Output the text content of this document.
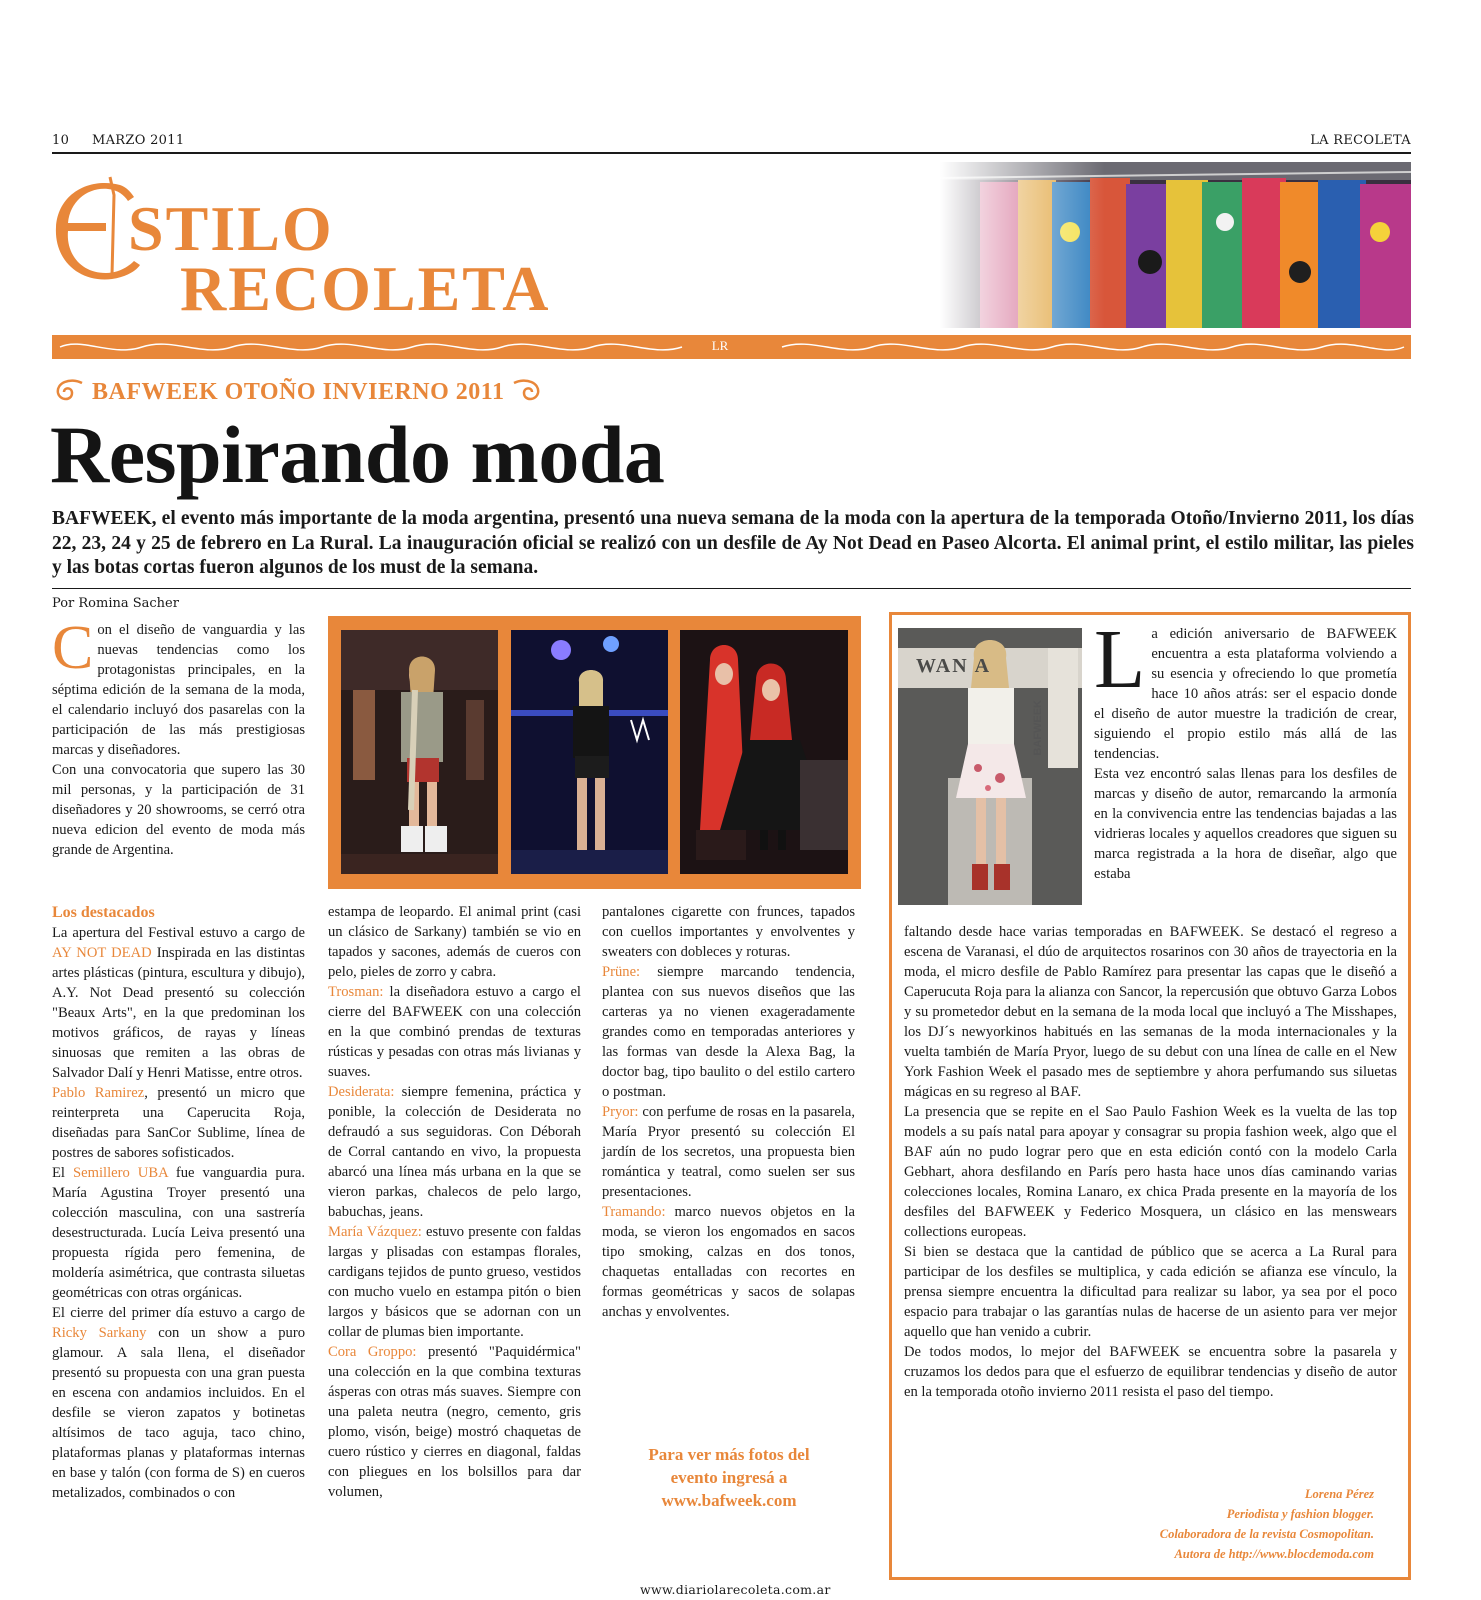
10 MARZO 2011	LA RECOLETA
STILO
RECOLETA
LR
BAFWEEK OTOÑO INVIERNO 2011
Respirando moda
BAFWEEK, el evento más importante de la moda argentina, presentó una nueva semana de la moda con la apertura de la temporada Otoño/Invierno 2011, los días 22, 23, 24 y 25 de febrero en La Rural. La inauguración oficial se realizó con un desfile de Ay Not Dead en Paseo Alcorta. El animal print, el estilo militar, las pieles y las botas cortas fueron algunos de los must de la semana.
Por Romina Sacher

C on el diseño de vanguardia y las nuevas tendencias como los protagonistas principales, en la séptima edición de la semana de la moda, el calendario incluyó dos pasarelas con la participación de las más prestigiosas marcas y diseñadores.

Con una convocatoria que supero las 30 mil personas, y la participación de 31 diseñadores y 20 showrooms, se cerró otra nueva edicion del evento de moda más grande de Argentina.

Los destacados

La apertura del Festival estuvo a cargo de AY NOT DEAD Inspirada en las distintas artes plásticas (pintura, escultura y dibujo), A.Y. Not Dead presentó su colección "Beaux Arts", en la que predominan los motivos gráficos, de rayas y líneas sinuosas que remiten a las obras de Salvador Dalí y Henri Matisse, entre otros.

Pablo Ramirez, presentó un micro que reinterpreta una Caperucita Roja, diseñadas para SanCor Sublime, línea de postres de sabores sofisticados.

El Semillero UBA fue vanguardia pura. María Agustina Troyer presentó una colección masculina, con una sastrería desestructurada. Lucía Leiva presentó una propuesta rígida pero femenina, de moldería asimétrica, que contrasta siluetas geométricas con otras orgánicas.

El cierre del primer día estuvo a cargo de Ricky Sarkany con un show a puro glamour. A sala llena, el diseñador presentó su propuesta con una gran puesta en escena con andamios incluidos. En el desfile se vieron zapatos y botinetas altísimos de taco aguja, taco chino, plataformas planas y plataformas internas en base y talón (con forma de S) en cueros metalizados, combinados o con

estampa de leopardo. El animal print (casi un clásico de Sarkany) también se vio en tapados y sacones, además de cueros con pelo, pieles de zorro y cabra.

Trosman: la diseñadora estuvo a cargo el cierre del BAFWEEK con una colección en la que combinó prendas de texturas rústicas y pesadas con otras más livianas y suaves.

Desiderata: siempre femenina, práctica y ponible, la colección de Desiderata no defraudó a sus seguidoras. Con Déborah de Corral cantando en vivo, la propuesta abarcó una línea más urbana en la que se vieron parkas, chalecos de pelo largo, babuchas, jeans.

María Vázquez: estuvo presente con faldas largas y plisadas con estampas florales, cardigans tejidos de punto grueso, vestidos con mucho vuelo en estampa pitón o bien largos y básicos que se adornan con un collar de plumas bien importante.

Cora Groppo: presentó "Paquidérmica" una colección en la que combina texturas ásperas con otras más suaves. Siempre con una paleta neutra (negro, cemento, gris plomo, visón, beige) mostró chaquetas de cuero rústico y cierres en diagonal, faldas con pliegues en los bolsillos para dar volumen,

pantalones cigarette con frunces, tapados con cuellos importantes y envolventes y sweaters con dobleces y roturas.

Prüne: siempre marcando tendencia, plantea con sus nuevos diseños que las carteras ya no vienen exageradamente grandes como en temporadas anteriores y las formas van desde la Alexa Bag, la doctor bag, tipo baulito o del estilo cartero o postman.

Pryor: con perfume de rosas en la pasarela, María Pryor presentó su colección El jardín de los secretos, una propuesta bien romántica y teatral, como suelen ser sus presentaciones.

Tramando: marco nuevos objetos en la moda, se vieron los engomados en sacos tipo smoking, calzas en dos tonos, chaquetas entalladas con recortes en formas geométricas y sacos de solapas anchas y envolventes.

Para ver más fotos del
evento ingresá a
www.bafweek.com
WAN A
BAFWEEK

L a edición aniversario de BAFWEEK encuentra a esta plataforma volviendo a su esencia y ofreciendo lo que prometía hace 10 años atrás: ser el espacio donde el diseño de autor muestre la tradición de crear, siguiendo el propio estilo más allá de las tendencias.

Esta vez encontró salas llenas para los desfiles de marcas y diseño de autor, remarcando la armonía en la convivencia entre las tendencias bajadas a las vidrieras locales y aquellos creadores que siguen su marca registrada a la hora de diseñar, algo que estaba

faltando desde hace varias temporadas en BAFWEEK. Se destacó el regreso a escena de Varanasi, el dúo de arquitectos rosarinos con 30 años de trayectoria en la moda, el micro desfile de Pablo Ramírez para presentar las capas que le diseñó a Caperucuta Roja para la alianza con Sancor, la repercusión que obtuvo Garza Lobos y su prometedor debut en la semana de la moda local que incluyó a The Misshapes, los DJ´s newyorkinos habitués en las semanas de la moda internacionales y la vuelta también de María Pryor, luego de su debut con una línea de calle en el New York Fashion Week el pasado mes de septiembre y ahora perfumando sus siluetas mágicas en su regreso al BAF.

La presencia que se repite en el Sao Paulo Fashion Week es la vuelta de las top models a su país natal para apoyar y consagrar su propia fashion week, algo que el BAF aún no pudo lograr pero que en esta edición contó con la modelo Carla Gebhart, ahora desfilando en París pero hasta hace unos días caminando varias colecciones locales, Romina Lanaro, ex chica Prada presente en la mayoría de los desfiles del BAFWEEK y Federico Mosquera, un clásico en las menswears collections europeas.

Si bien se destaca que la cantidad de público que se acerca a La Rural para participar de los desfiles se multiplica, y cada edición se afianza ese vínculo, la prensa siempre encuentra la dificultad para realizar su labor, ya sea por el poco espacio para trabajar o las garantías nulas de hacerse de un asiento para ver mejor aquello que han venido a cubrir.

De todos modos, lo mejor del BAFWEEK se encuentra sobre la pasarela y cruzamos los dedos para que el esfuerzo de equilibrar tendencias y diseño de autor en la temporada otoño invierno 2011 resista el paso del tiempo.

Lorena Pérez
Periodista y fashion blogger.
Colaboradora de la revista Cosmopolitan.
Autora de http://www.blocdemoda.com
www.diariolarecoleta.com.ar
